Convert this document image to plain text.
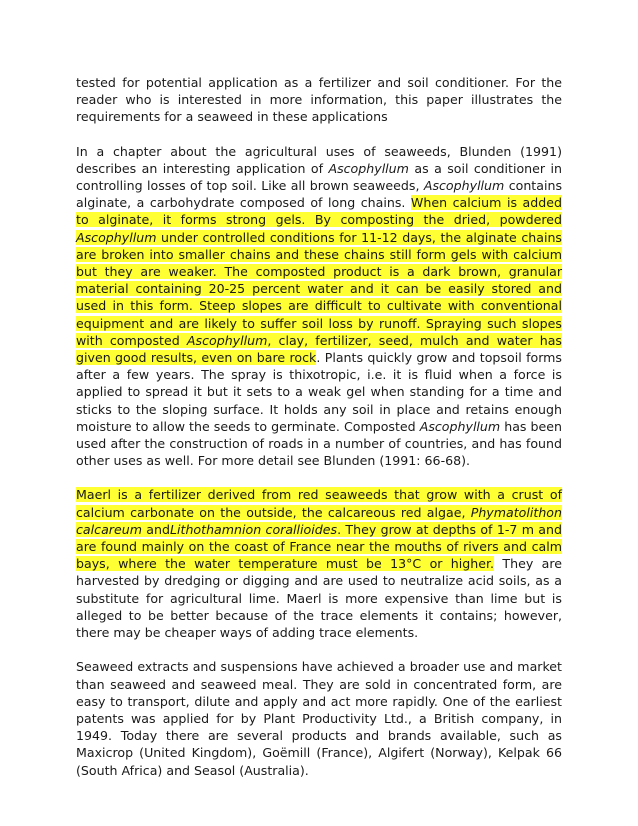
tested for potential application as a fertilizer and soil conditioner. For the reader who is interested in more information, this paper illustrates the requirements for a seaweed in these applications

In a chapter about the agricultural uses of seaweeds, Blunden (1991) describes an interesting application of Ascophyllum as a soil conditioner in controlling losses of top soil. Like all brown seaweeds, Ascophyllum contains alginate, a carbohydrate composed of long chains. When calcium is added to alginate, it forms strong gels. By composting the dried, powdered Ascophyllum under controlled conditions for 11-12 days, the alginate chains are broken into smaller chains and these chains still form gels with calcium but they are weaker. The composted product is a dark brown, granular material containing 20-25 percent water and it can be easily stored and used in this form. Steep slopes are difficult to cultivate with conventional equipment and are likely to suffer soil loss by runoff. Spraying such slopes with composted Ascophyllum, clay, fertilizer, seed, mulch and water has given good results, even on bare rock. Plants quickly grow and topsoil forms after a few years. The spray is thixotropic, i.e. it is fluid when a force is applied to spread it but it sets to a weak gel when standing for a time and sticks to the sloping surface. It holds any soil in place and retains enough moisture to allow the seeds to germinate. Composted Ascophyllum has been used after the construction of roads in a number of countries, and has found other uses as well. For more detail see Blunden (1991: 66-68).

Maerl is a fertilizer derived from red seaweeds that grow with a crust of calcium carbonate on the outside, the calcareous red algae, Phymatolithon calcareum andLithothamnion corallioides. They grow at depths of 1-7 m and are found mainly on the coast of France near the mouths of rivers and calm bays, where the water temperature must be 13°C or higher. They are harvested by dredging or digging and are used to neutralize acid soils, as a substitute for agricultural lime. Maerl is more expensive than lime but is alleged to be better because of the trace elements it contains; however, there may be cheaper ways of adding trace elements.

Seaweed extracts and suspensions have achieved a broader use and market than seaweed and seaweed meal. They are sold in concentrated form, are easy to transport, dilute and apply and act more rapidly. One of the earliest patents was applied for by Plant Productivity Ltd., a British company, in 1949. Today there are several products and brands available, such as Maxicrop (United Kingdom), Goëmill (France), Algifert (Norway), Kelpak 66 (South Africa) and Seasol (Australia).
